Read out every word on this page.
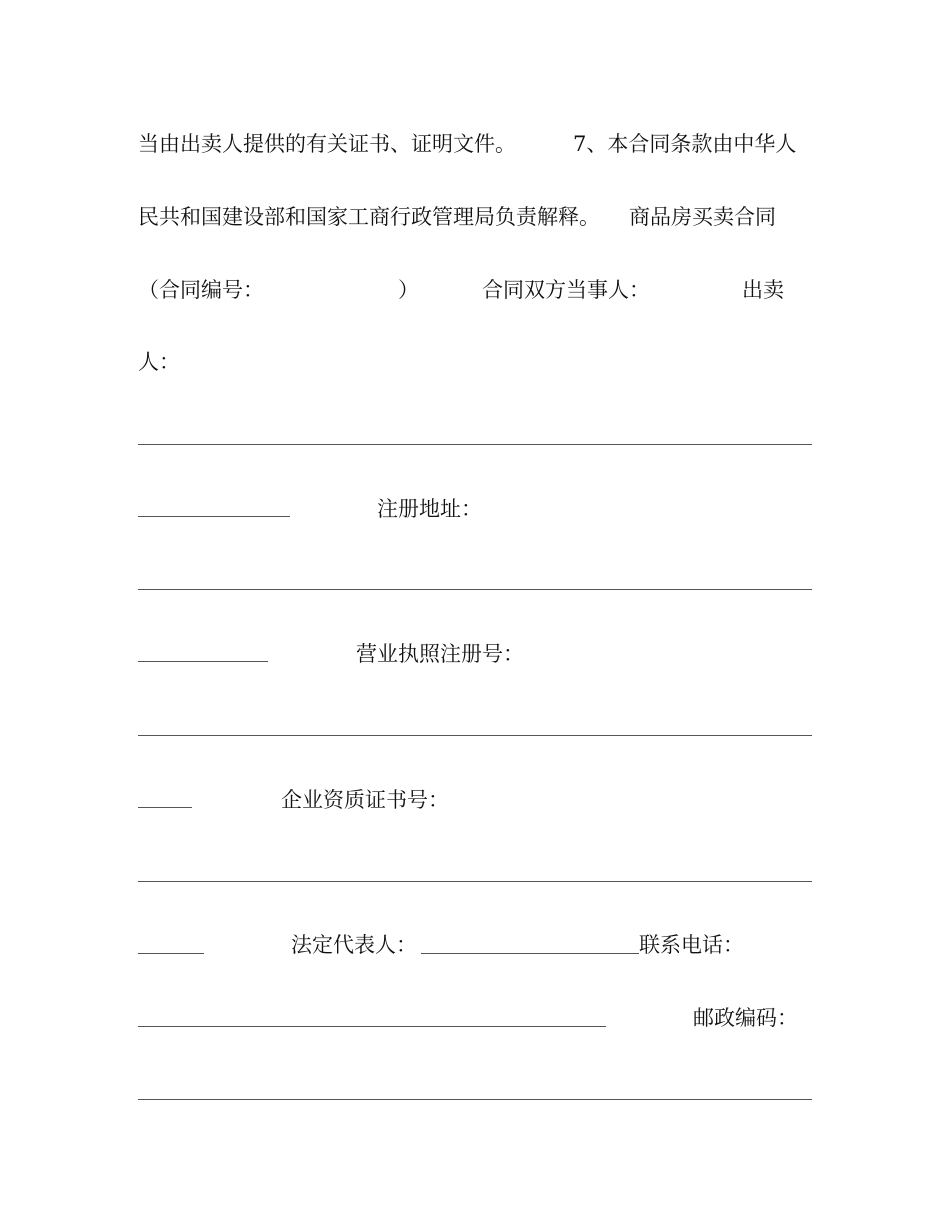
当由出卖人提供的有关证书、证明文件。	7、本合同条款由中华人
民共和国建设部和国家工商行政管理局负责解释。 商品房买卖合同
（合同编号：	）	合同双方当事人：	出卖
人：
注册地址：
营业执照注册号：
企业资质证书号：
法定代表人：	联系电话：
邮政编码：
